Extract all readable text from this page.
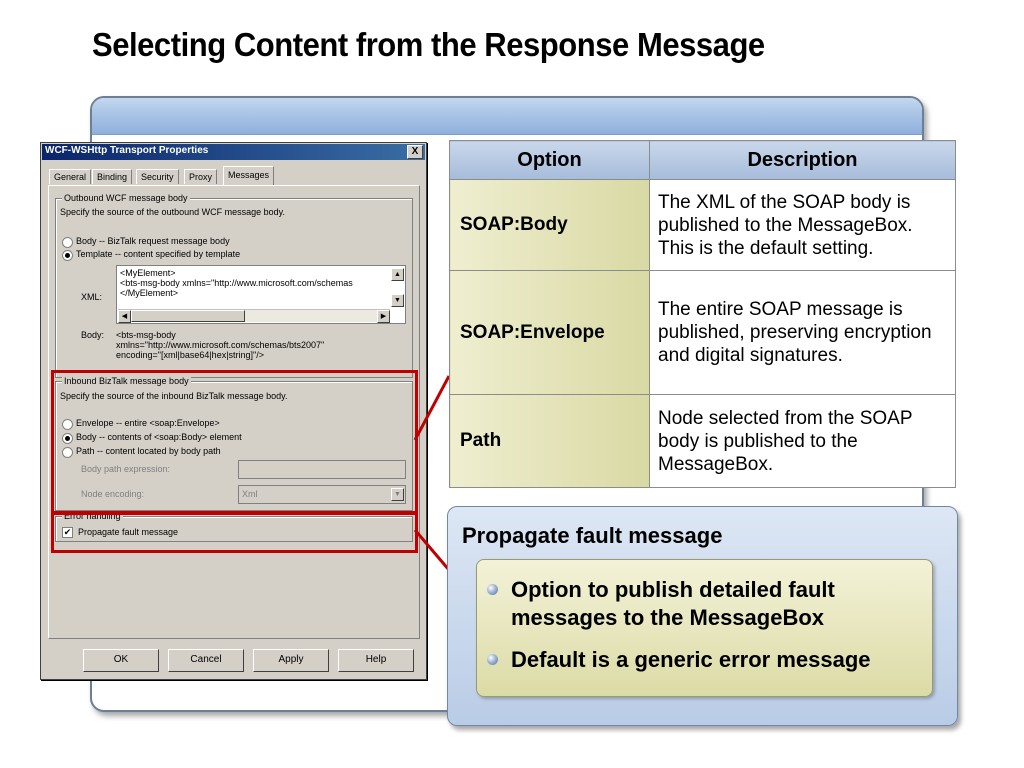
Selecting Content from the Response Message
WCF-WSHttp Transport Properties	X
General	Binding	Security	Proxy	Messages
Outbound WCF message body
Specify the source of the outbound WCF message body.
Body -- BizTalk request message body
Template -- content specified by template
XML:
<MyElement>
<bts-msg-body xmlns="http://www.microsoft.com/schemas
</MyElement>
▲
▼
◀	▶
Body: <bts-msg-body
xmlns="http://www.microsoft.com/schemas/bts2007"
encoding="[xml|base64|hex|string]"/>
Inbound BizTalk message body
Specify the source of the inbound BizTalk message body.
Envelope -- entire <soap:Envelope>
Body -- contents of <soap:Body> element
Path -- content located by body path
Body path expression:
Node encoding:	Xml	▼
Error handling
✔ Propagate fault message
OK	Cancel	Apply	Help
Option	Description
SOAP:Body	The XML of the SOAP body is published to the MessageBox. This is the default setting.
SOAP:Envelope	The entire SOAP message is published, preserving encryption and digital signatures.
Path	Node selected from the SOAP body is published to the MessageBox.
Propagate fault message
Option to publish detailed fault messages to the MessageBox
Default is a generic error message
